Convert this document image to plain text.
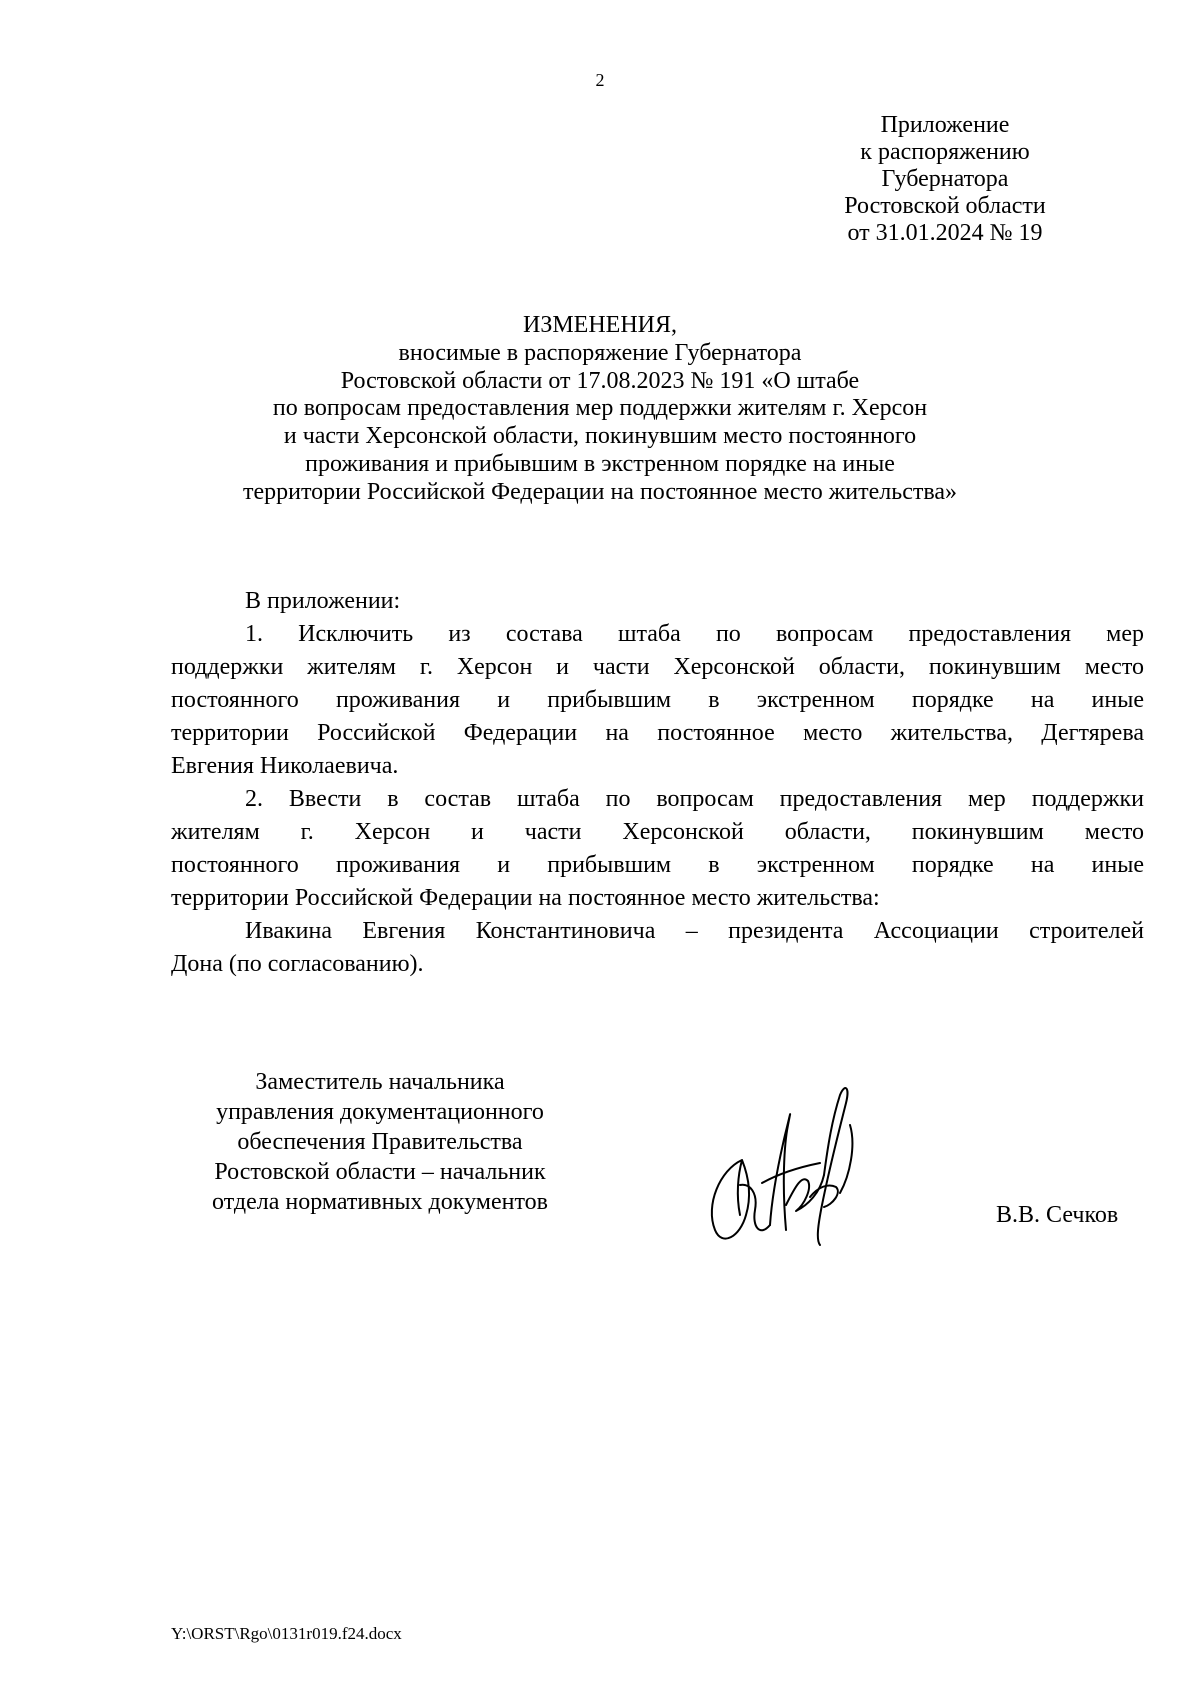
2
Приложение
к распоряжению
Губернатора
Ростовской области
от 31.01.2024 № 19
ИЗМЕНЕНИЯ,
вносимые в распоряжение Губернатора
Ростовской области от 17.08.2023 № 191 «О штабе
по вопросам предоставления мер поддержки жителям г. Херсон
и части Херсонской области, покинувшим место постоянного
проживания и прибывшим в экстренном порядке на иные
территории Российской Федерации на постоянное место жительства»
В приложении:
1. Исключить из состава штаба по вопросам предоставления мер
поддержки жителям г. Херсон и части Херсонской области, покинувшим место
постоянного проживания и прибывшим в экстренном порядке на иные
территории Российской Федерации на постоянное место жительства, Дегтярева
Евгения Николаевича.
2. Ввести в состав штаба по вопросам предоставления мер поддержки
жителям г. Херсон и части Херсонской области, покинувшим место
постоянного проживания и прибывшим в экстренном порядке на иные
территории Российской Федерации на постоянное место жительства:
Ивакина Евгения Константиновича – президента Ассоциации строителей
Дона (по согласованию).
Заместитель начальника
управления документационного
обеспечения Правительства
Ростовской области – начальник
отдела нормативных документов	В.В. Сечков
Y:\ORST\Rgo\0131r019.f24.docx
